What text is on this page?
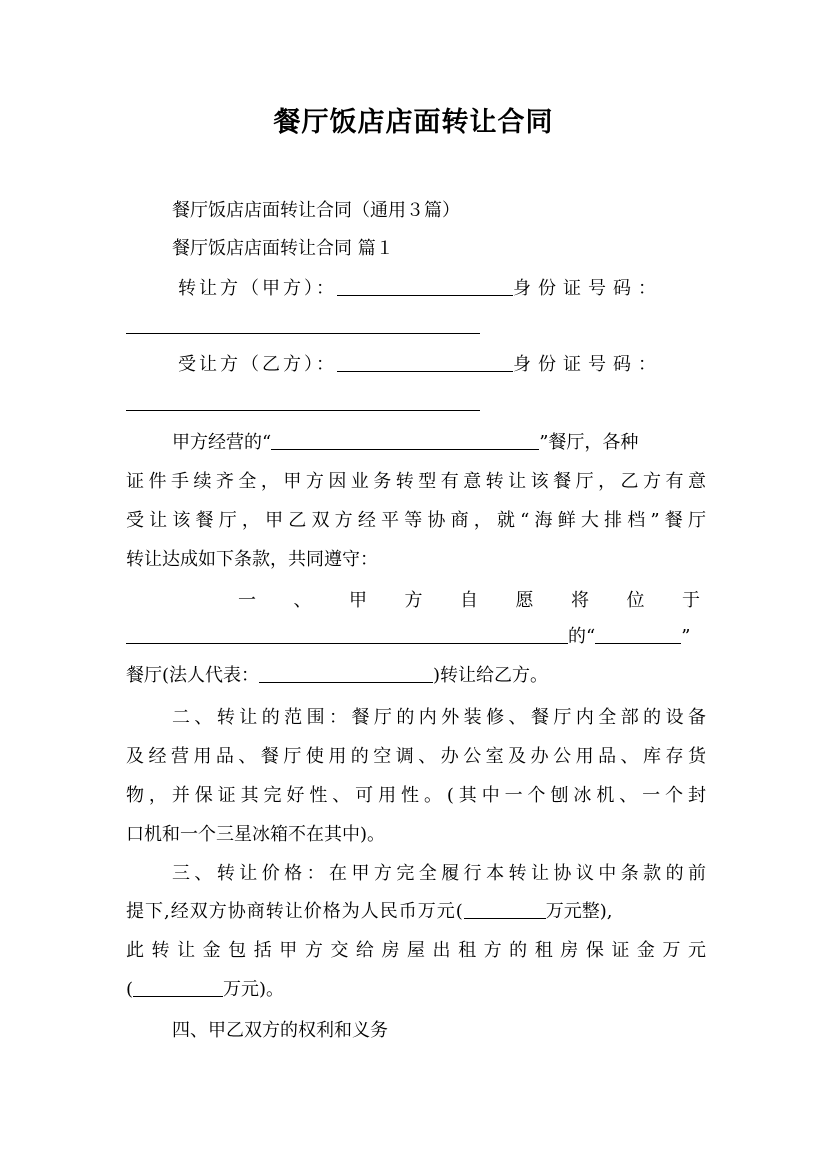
餐厅饭店店面转让合同
餐厅饭店店面转让合同（通用３篇）
餐厅饭店店面转让合同 篇１
转让方（甲方）：	身份证号码：
受让方（乙方）：	身份证号码：
甲方经营的“	”餐厅，各种
证件手续齐全，甲方因业务转型有意转让该餐厅，乙方有意
受让该餐厅，甲乙双方经平等协商，就“海鲜大排档”餐厅
转让达成如下条款，共同遵守：
一、甲方自愿将位于
的“	”
餐厅(法人代表：	)转让给乙方。
二、转让的范围：餐厅的内外装修、餐厅内全部的设备
及经营用品、餐厅使用的空调、办公室及办公用品、库存货
物，并保证其完好性、可用性。(其中一个刨冰机、一个封
口机和一个三星冰箱不在其中)。
三、转让价格：在甲方完全履行本转让协议中条款的前
提下,经双方协商转让价格为人民币万元(	万元整),
此转让金包括甲方交给房屋出租方的租房保证金万元
(	万元)。
四、甲乙双方的权利和义务
